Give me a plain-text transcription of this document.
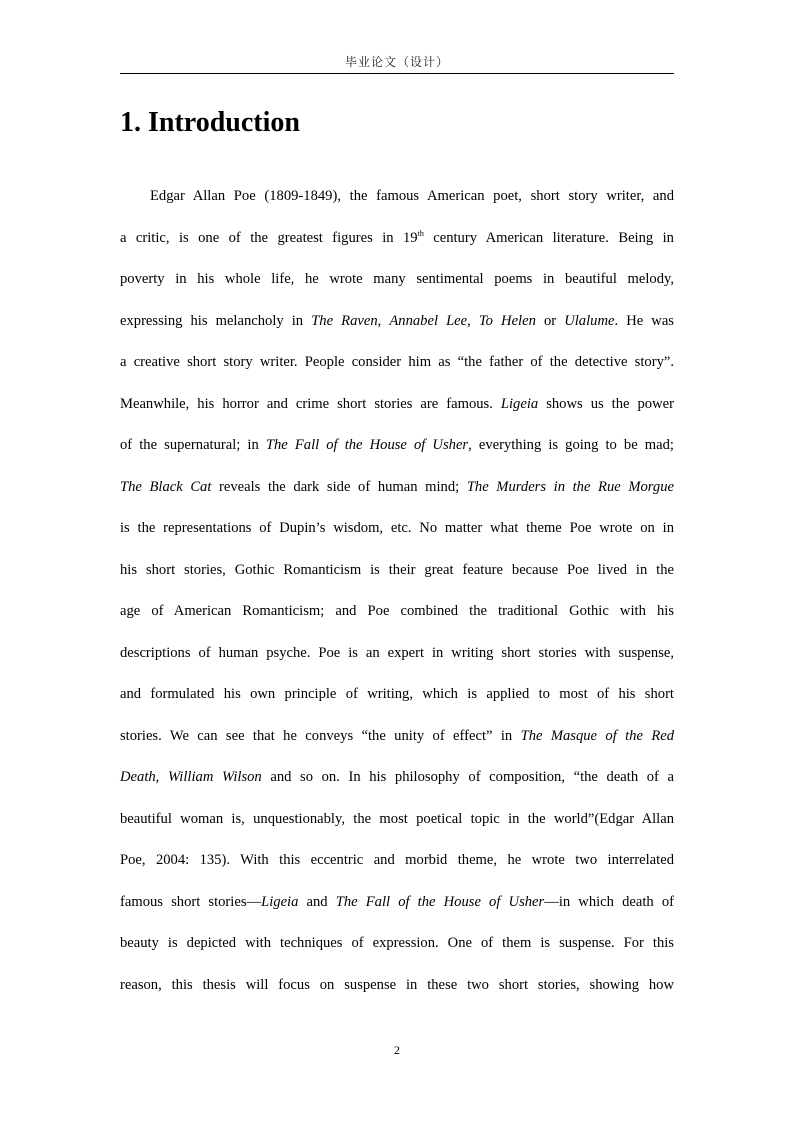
毕业论文（设计）
1. Introduction
Edgar Allan Poe (1809-1849), the famous American poet, short story writer, and
a critic, is one of the greatest figures in 19th century American literature. Being in
poverty in his whole life, he wrote many sentimental poems in beautiful melody,
expressing his melancholy in The Raven, Annabel Lee, To Helen or Ulalume. He was
a creative short story writer. People consider him as “the father of the detective story”.
Meanwhile, his horror and crime short stories are famous. Ligeia shows us the power
of the supernatural; in The Fall of the House of Usher, everything is going to be mad;
The Black Cat reveals the dark side of human mind; The Murders in the Rue Morgue
is the representations of Dupin’s wisdom, etc. No matter what theme Poe wrote on in
his short stories, Gothic Romanticism is their great feature because Poe lived in the
age of American Romanticism; and Poe combined the traditional Gothic with his
descriptions of human psyche. Poe is an expert in writing short stories with suspense,
and formulated his own principle of writing, which is applied to most of his short
stories. We can see that he conveys “the unity of effect” in The Masque of the Red
Death, William Wilson and so on. In his philosophy of composition, “the death of a
beautiful woman is, unquestionably, the most poetical topic in the world”(Edgar Allan
Poe, 2004: 135). With this eccentric and morbid theme, he wrote two interrelated
famous short stories—Ligeia and The Fall of the House of Usher—in which death of
beauty is depicted with techniques of expression. One of them is suspense. For this
reason, this thesis will focus on suspense in these two short stories, showing how
2
